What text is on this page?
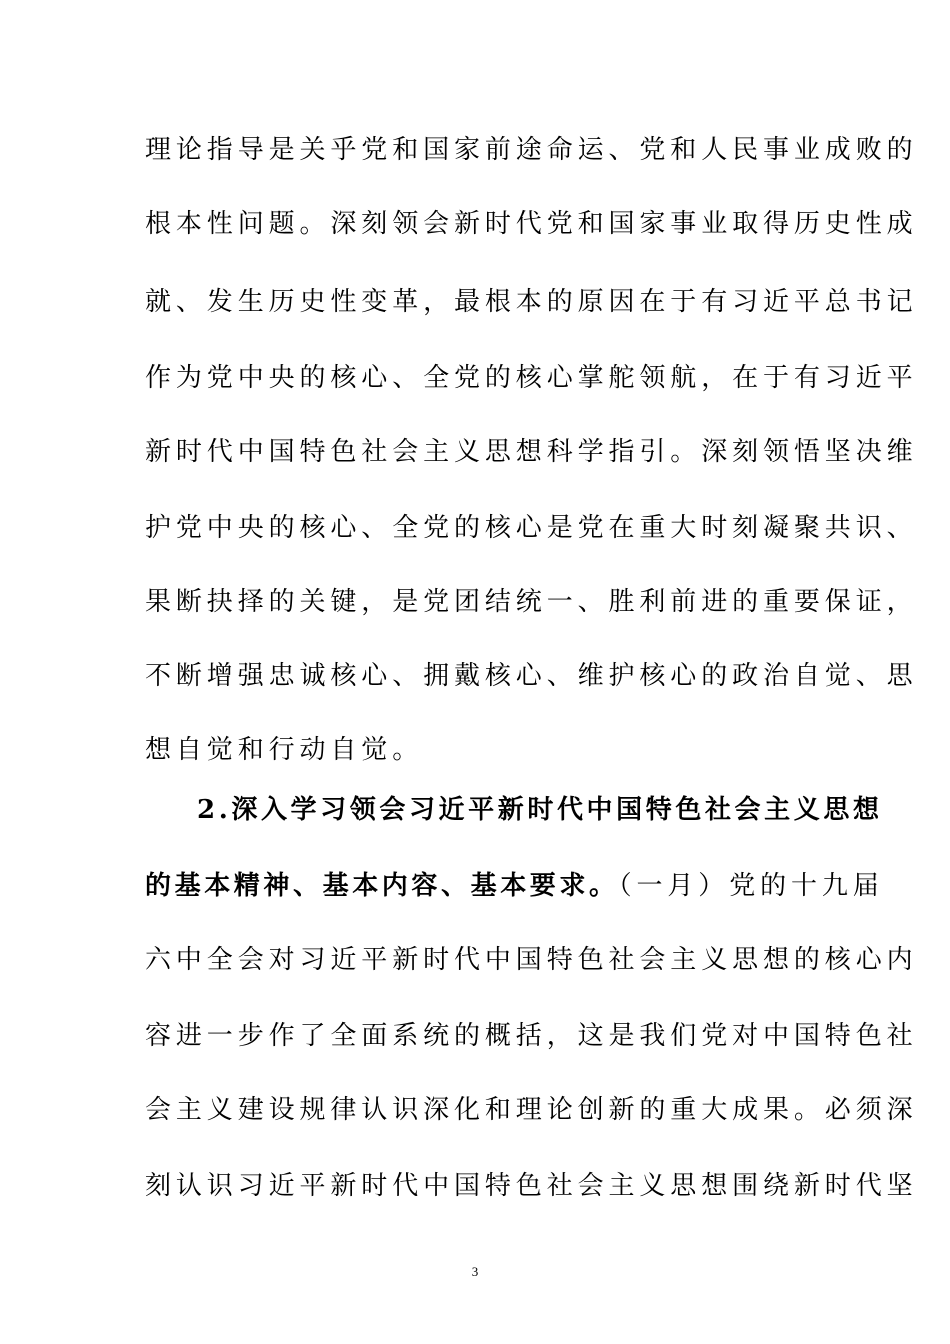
理论指导是关乎党和国家前途命运、党和人民事业成败的
根本性问题。深刻领会新时代党和国家事业取得历史性成
就、发生历史性变革，最根本的原因在于有习近平总书记
作为党中央的核心、全党的核心掌舵领航，在于有习近平
新时代中国特色社会主义思想科学指引。深刻领悟坚决维
护党中央的核心、全党的核心是党在重大时刻凝聚共识、
果断抉择的关键，是党团结统一、胜利前进的重要保证，
不断增强忠诚核心、拥戴核心、维护核心的政治自觉、思
想自觉和行动自觉。
2.深入学习领会习近平新时代中国特色社会主义思想
的基本精神、基本内容、基本要求。（一月）党的十九届
六中全会对习近平新时代中国特色社会主义思想的核心内
容进一步作了全面系统的概括，这是我们党对中国特色社
会主义建设规律认识深化和理论创新的重大成果。必须深
刻认识习近平新时代中国特色社会主义思想围绕新时代坚
3
